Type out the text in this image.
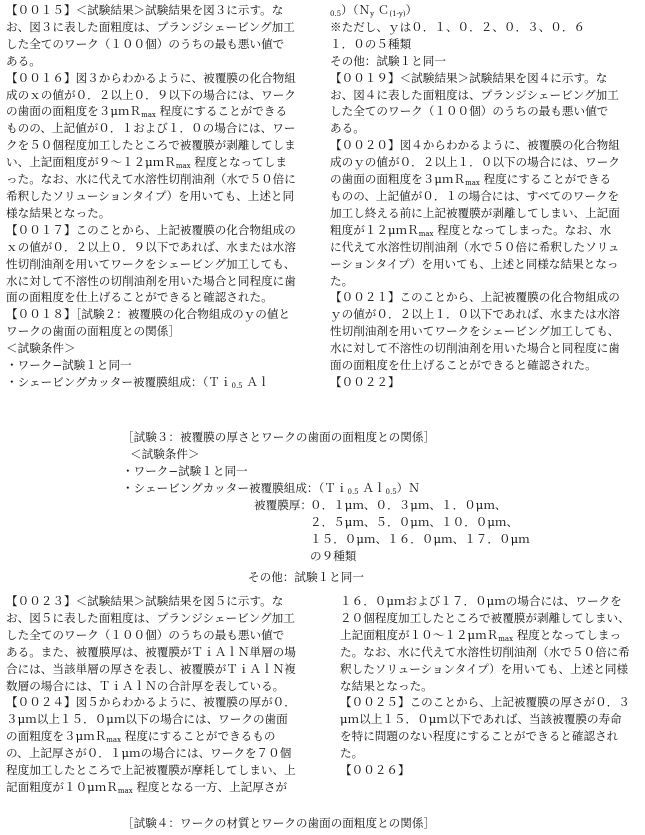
【００１５】＜試験結果＞試験結果を図３に示す。な
お、図３に表した面粗度は、プランジシェービング加工
した全てのワーク（１００個）のうちの最も悪い値で
ある。
【００１６】図３からわかるように、被覆膜の化合物組
成のｘの値が０．２以上０．９以下の場合には、ワーク
の歯面の面粗度を３μｍＲ$_{max}$ 程度にすることができる
ものの、上記値が０．１および１．０の場合には、ワー
クを５０個程度加工したところで被覆膜が剥離してしま
い、上記面粗度が９〜１２μｍＲ$_{max}$ 程度となってしま
った。なお、水に代えて水溶性切削油剤（水で５０倍に
希釈したソリューションタイプ）を用いても、上述と同
様な結果となった。
【００１７】このことから、上記被覆膜の化合物組成の
ｘの値が０．２以上０．９以下であれば、水または水溶
性切削油剤を用いてワークをシェービング加工しても、
水に対して不溶性の切削油剤を用いた場合と同程度に歯
面の面粗度を仕上げることができると確認された。
【００１８】［試験２：被覆膜の化合物組成のｙの値と
ワークの歯面の面粗度との関係］
＜試験条件＞
・ワーク−試験１と同一
・シェービングカッター被覆膜組成：（Ｔｉ$_{0.5}$ Ａｌ
$_{0.5}$）（Ｎ$_y$ Ｃ$_{(1-y)}$）
※ただし、ｙは０．１、０．２、０．３、０．６
１．０の５種類
その他：試験１と同一
【００１９】＜試験結果＞試験結果を図４に示す。な
お、図４に表した面粗度は、プランジシェービング加工
した全てのワーク（１００個）のうちの最も悪い値で
ある。
【００２０】図４からわかるように、被覆膜の化合物組
成のｙの値が０．２以上１．０以下の場合には、ワーク
の歯面の面粗度を３μｍＲ$_{max}$ 程度にすることができる
ものの、上記値が０．１の場合には、すべてのワークを
加工し終える前に上記被覆膜が剥離してしまい、上記面
粗度が１２μｍＲ$_{max}$ 程度となってしまった。なお、水
に代えて水溶性切削油剤（水で５０倍に希釈したソリュ
ーションタイプ）を用いても、上述と同様な結果となっ
た。
【００２１】このことから、上記被覆膜の化合物組成の
ｙの値が０．２以上１．０以下であれば、水または水溶
性切削油剤を用いてワークをシェービング加工しても、
水に対して不溶性の切削油剤を用いた場合と同程度に歯
面の面粗度を仕上げることができると確認された。
【００２２】
［試験３：被覆膜の厚さとワークの歯面の面粗度との関係］
＜試験条件＞
・ワーク−試験１と同一
・シェービングカッター被覆膜組成：（Ｔｉ$_{0.5}$ Ａｌ$_{0.5}$）Ｎ
被覆膜厚：
０．１μｍ、０．３μｍ、１．０μｍ、
２．５μｍ、５．０μｍ、１０．０μｍ、
１５．０μｍ、１６．０μｍ、１７．０μｍ
の９種類
その他：試験１と同一
【００２３】＜試験結果＞試験結果を図５に示す。な
お、図５に表した面粗度は、プランジシェービング加工
した全てのワーク（１００個）のうちの最も悪い値で
ある。また、被覆膜厚は、被覆膜がＴｉＡｌＮ単層の場
合には、当該単層の厚さを表し、被覆膜がＴｉＡｌＮ複
数層の場合には、ＴｉＡｌＮの合計厚を表している。
【００２４】図５からわかるように、被覆膜の厚が０．
３μｍ以上１５．０μｍ以下の場合には、ワークの歯面
の面粗度を３μｍＲ$_{max}$ 程度にすることができるもの
の、上記厚さが０．１μｍの場合には、ワークを７０個
程度加工したところで上記被覆膜が摩耗してしまい、上
記面粗度が１０μｍＲ$_{max}$ 程度となる一方、上記厚さが
１６．０μｍおよび１７．０μｍの場合には、ワークを
２０個程度加工したところで被覆膜が剥離してしまい、
上記面粗度が１０〜１２μｍＲ$_{max}$ 程度となってしまっ
た。なお、水に代えて水溶性切削油剤（水で５０倍に希
釈したソリューションタイプ）を用いても、上述と同様
な結果となった。
【００２５】このことから、上記被覆膜の厚さが０．３
μｍ以上１５．０μｍ以下であれば、当該被覆膜の寿命
を特に問題のない程度にすることができると確認され
た。
【００２６】
［試験４：ワークの材質とワークの歯面の面粗度との関係］
